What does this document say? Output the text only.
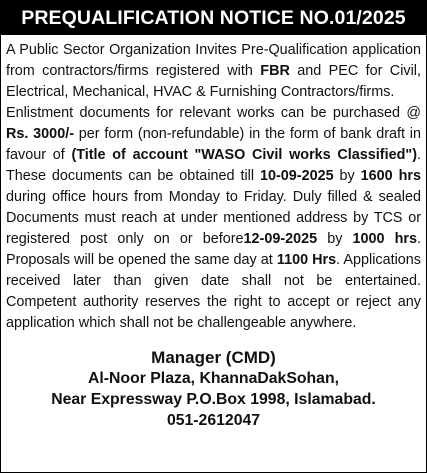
PREQUALIFICATION NOTICE NO.01/2025

A Public Sector Organization Invites Pre-Qualification application from contractors/firms registered with FBR and PEC for Civil, Electrical, Mechanical, HVAC & Furnishing Contractors/firms.

Enlistment documents for relevant works can be purchased @ Rs. 3000/- per form (non-refundable) in the form of bank draft in favour of (Title of account "WASO Civil works Classified"). These documents can be obtained till 10-09-2025 by 1600 hrs during office hours from Monday to Friday. Duly filled & sealed Documents must reach at under mentioned address by TCS or registered post only on or before12-09-2025 by 1000 hrs. Proposals will be opened the same day at 1100 Hrs. Applications received later than given date shall not be entertained. Competent authority reserves the right to accept or reject any application which shall not be challengeable anywhere.

Manager (CMD)
Al-Noor Plaza, KhannaDakSohan,
Near Expressway P.O.Box 1998, Islamabad.
051-2612047
